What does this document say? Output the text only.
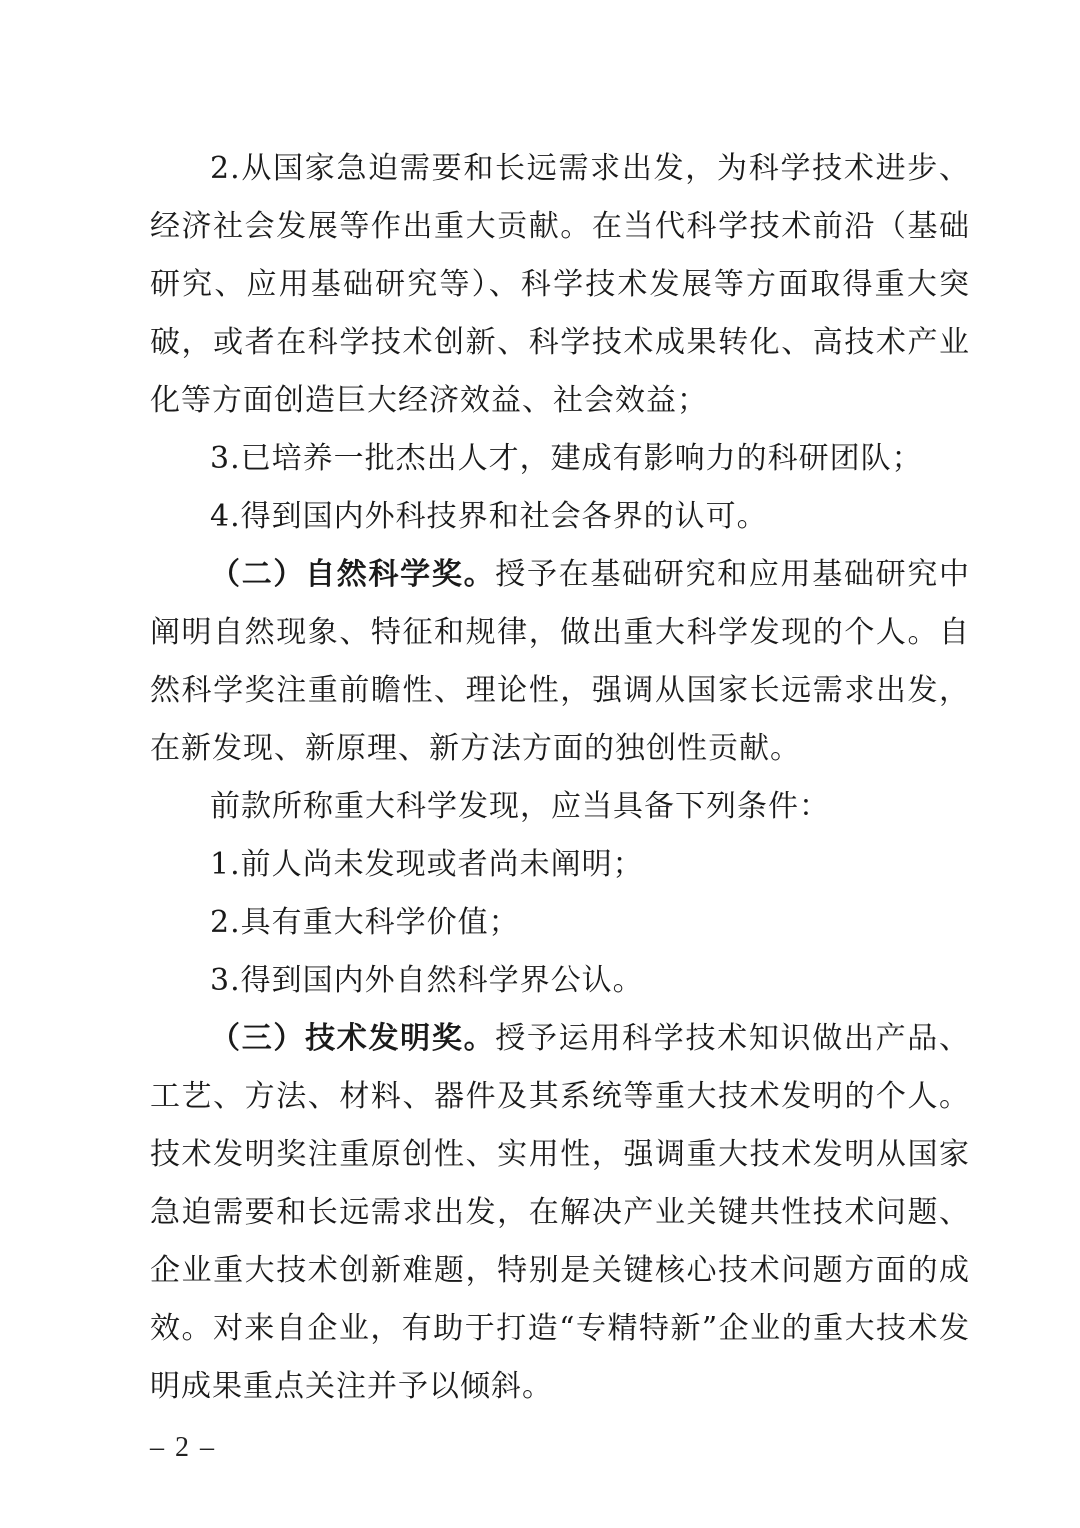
2.从国家急迫需要和长远需求出发，为科学技术进步、经济社会发展等作出重大贡献。在当代科学技术前沿（基础研究、应用基础研究等）、科学技术发展等方面取得重大突破，或者在科学技术创新、科学技术成果转化、高技术产业化等方面创造巨大经济效益、社会效益；

3.已培养一批杰出人才，建成有影响力的科研团队；

4.得到国内外科技界和社会各界的认可。

（二）自然科学奖。授予在基础研究和应用基础研究中阐明自然现象、特征和规律，做出重大科学发现的个人。自然科学奖注重前瞻性、理论性，强调从国家长远需求出发，在新发现、新原理、新方法方面的独创性贡献。

前款所称重大科学发现，应当具备下列条件：

1.前人尚未发现或者尚未阐明；

2.具有重大科学价值；

3.得到国内外自然科学界公认。

（三）技术发明奖。授予运用科学技术知识做出产品、工艺、方法、材料、器件及其系统等重大技术发明的个人。技术发明奖注重原创性、实用性，强调重大技术发明从国家急迫需要和长远需求出发，在解决产业关键共性技术问题、企业重大技术创新难题，特别是关键核心技术问题方面的成效。对来自企业，有助于打造“专精特新”企业的重大技术发明成果重点关注并予以倾斜。

– 2 –
